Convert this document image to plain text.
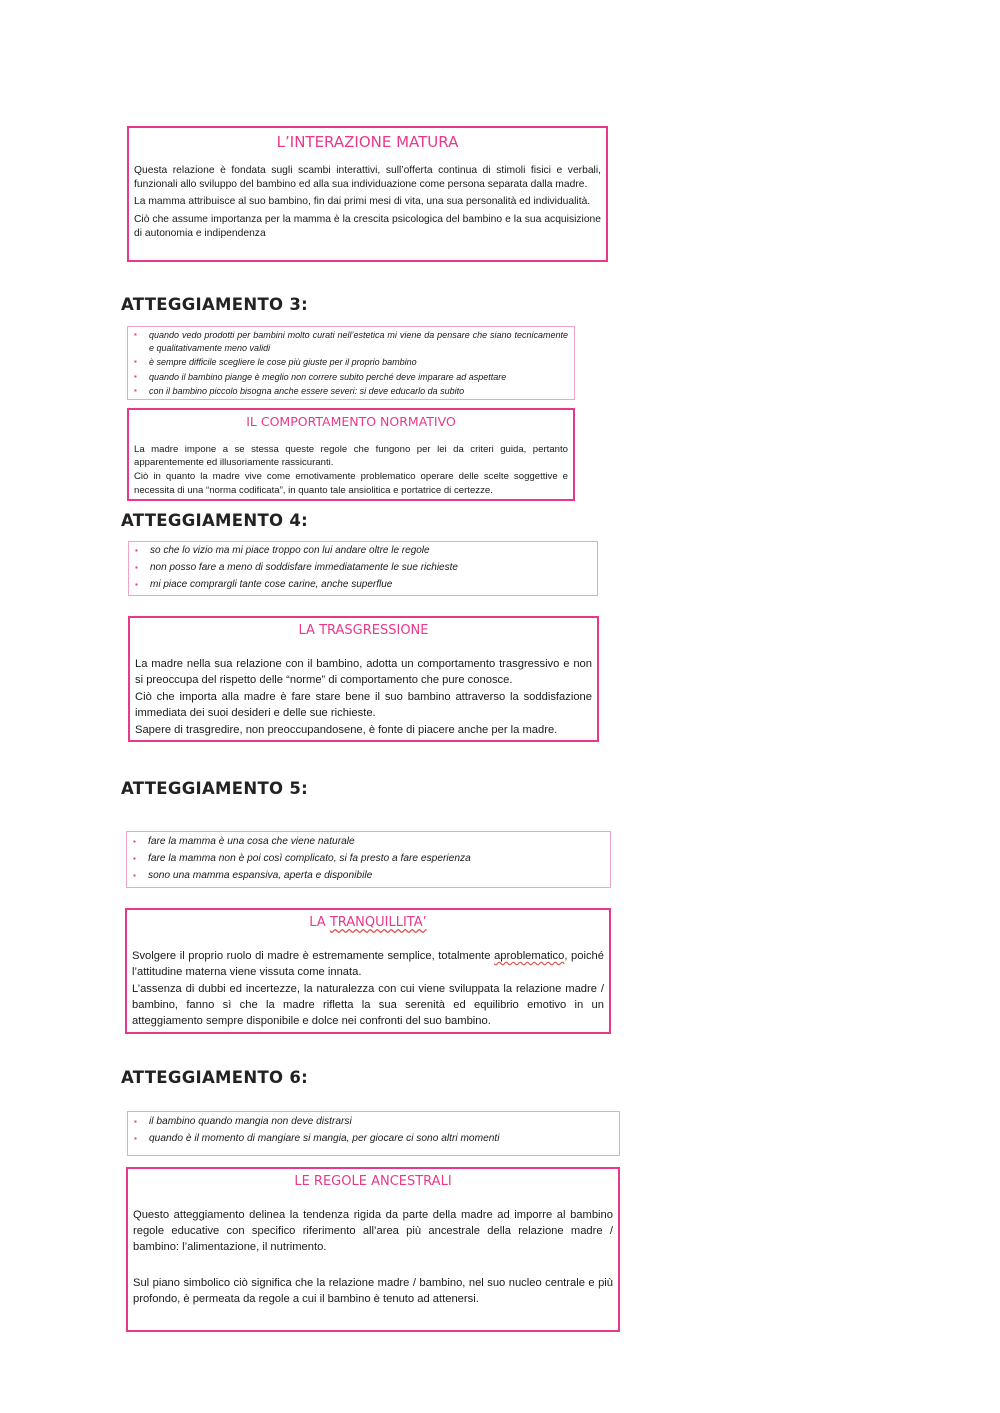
L’INTERAZIONE MATURA

Questa relazione è fondata sugli scambi interattivi, sull’offerta continua di stimoli fisici e verbali, funzionali allo sviluppo del bambino ed alla sua individuazione come persona separata dalla madre.

La mamma attribuisce al suo bambino, fin dai primi mesi di vita, una sua personalità ed individualità.

Ciò che assume importanza per la mamma è la crescita psicologica del bambino e la sua acquisizione di autonomia e indipendenza

ATTEGGIAMENTO 3:
▪ quando vedo prodotti per bambini molto curati nell’estetica mi viene da pensare che siano tecnicamente e qualitativamente meno validi
▪ è sempre difficile scegliere le cose più giuste per il proprio bambino
▪ quando il bambino piange è meglio non correre subito perché deve imparare ad aspettare
▪ con il bambino piccolo bisogna anche essere severi: si deve educarlo da subito
IL COMPORTAMENTO NORMATIVO

La madre impone a se stessa queste regole che fungono per lei da criteri guida, pertanto apparentemente ed illusoriamente rassicuranti.

Ciò in quanto la madre vive come emotivamente problematico operare delle scelte soggettive e necessita di una “norma codificata”, in quanto tale ansiolitica e portatrice di certezze.

ATTEGGIAMENTO 4:
▪ so che lo vizio ma mi piace troppo con lui andare oltre le regole
▪ non posso fare a meno di soddisfare immediatamente le sue richieste
▪ mi piace comprargli tante cose carine, anche superflue
LA TRASGRESSIONE

La madre nella sua relazione con il bambino, adotta un comportamento trasgressivo e non si preoccupa del rispetto delle “norme” di comportamento che pure conosce.

Ciò che importa alla madre è fare stare bene il suo bambino attraverso la soddisfazione immediata dei suoi desideri e delle sue richieste.

Sapere di trasgredire, non preoccupandosene, è fonte di piacere anche per la madre.

ATTEGGIAMENTO 5:
▪ fare la mamma è una cosa che viene naturale
▪ fare la mamma non è poi così complicato, si fa presto a fare esperienza
▪ sono una mamma espansiva, aperta e disponibile
LA TRANQUILLITA’

Svolgere il proprio ruolo di madre è estremamente semplice, totalmente aproblematico, poiché l’attitudine materna viene vissuta come innata.

L’assenza di dubbi ed incertezze, la naturalezza con cui viene sviluppata la relazione madre / bambino, fanno sì che la madre rifletta la sua serenità ed equilibrio emotivo in un atteggiamento sempre disponibile e dolce nei confronti del suo bambino.

ATTEGGIAMENTO 6:
▪ il bambino quando mangia non deve distrarsi
▪ quando è il momento di mangiare si mangia, per giocare ci sono altri momenti
LE REGOLE ANCESTRALI

Questo atteggiamento delinea la tendenza rigida da parte della madre ad imporre al bambino regole educative con specifico riferimento all’area più ancestrale della relazione madre / bambino: l’alimentazione, il nutrimento.

Sul piano simbolico ciò significa che la relazione madre / bambino, nel suo nucleo centrale e più profondo, è permeata da regole a cui il bambino è tenuto ad attenersi.
